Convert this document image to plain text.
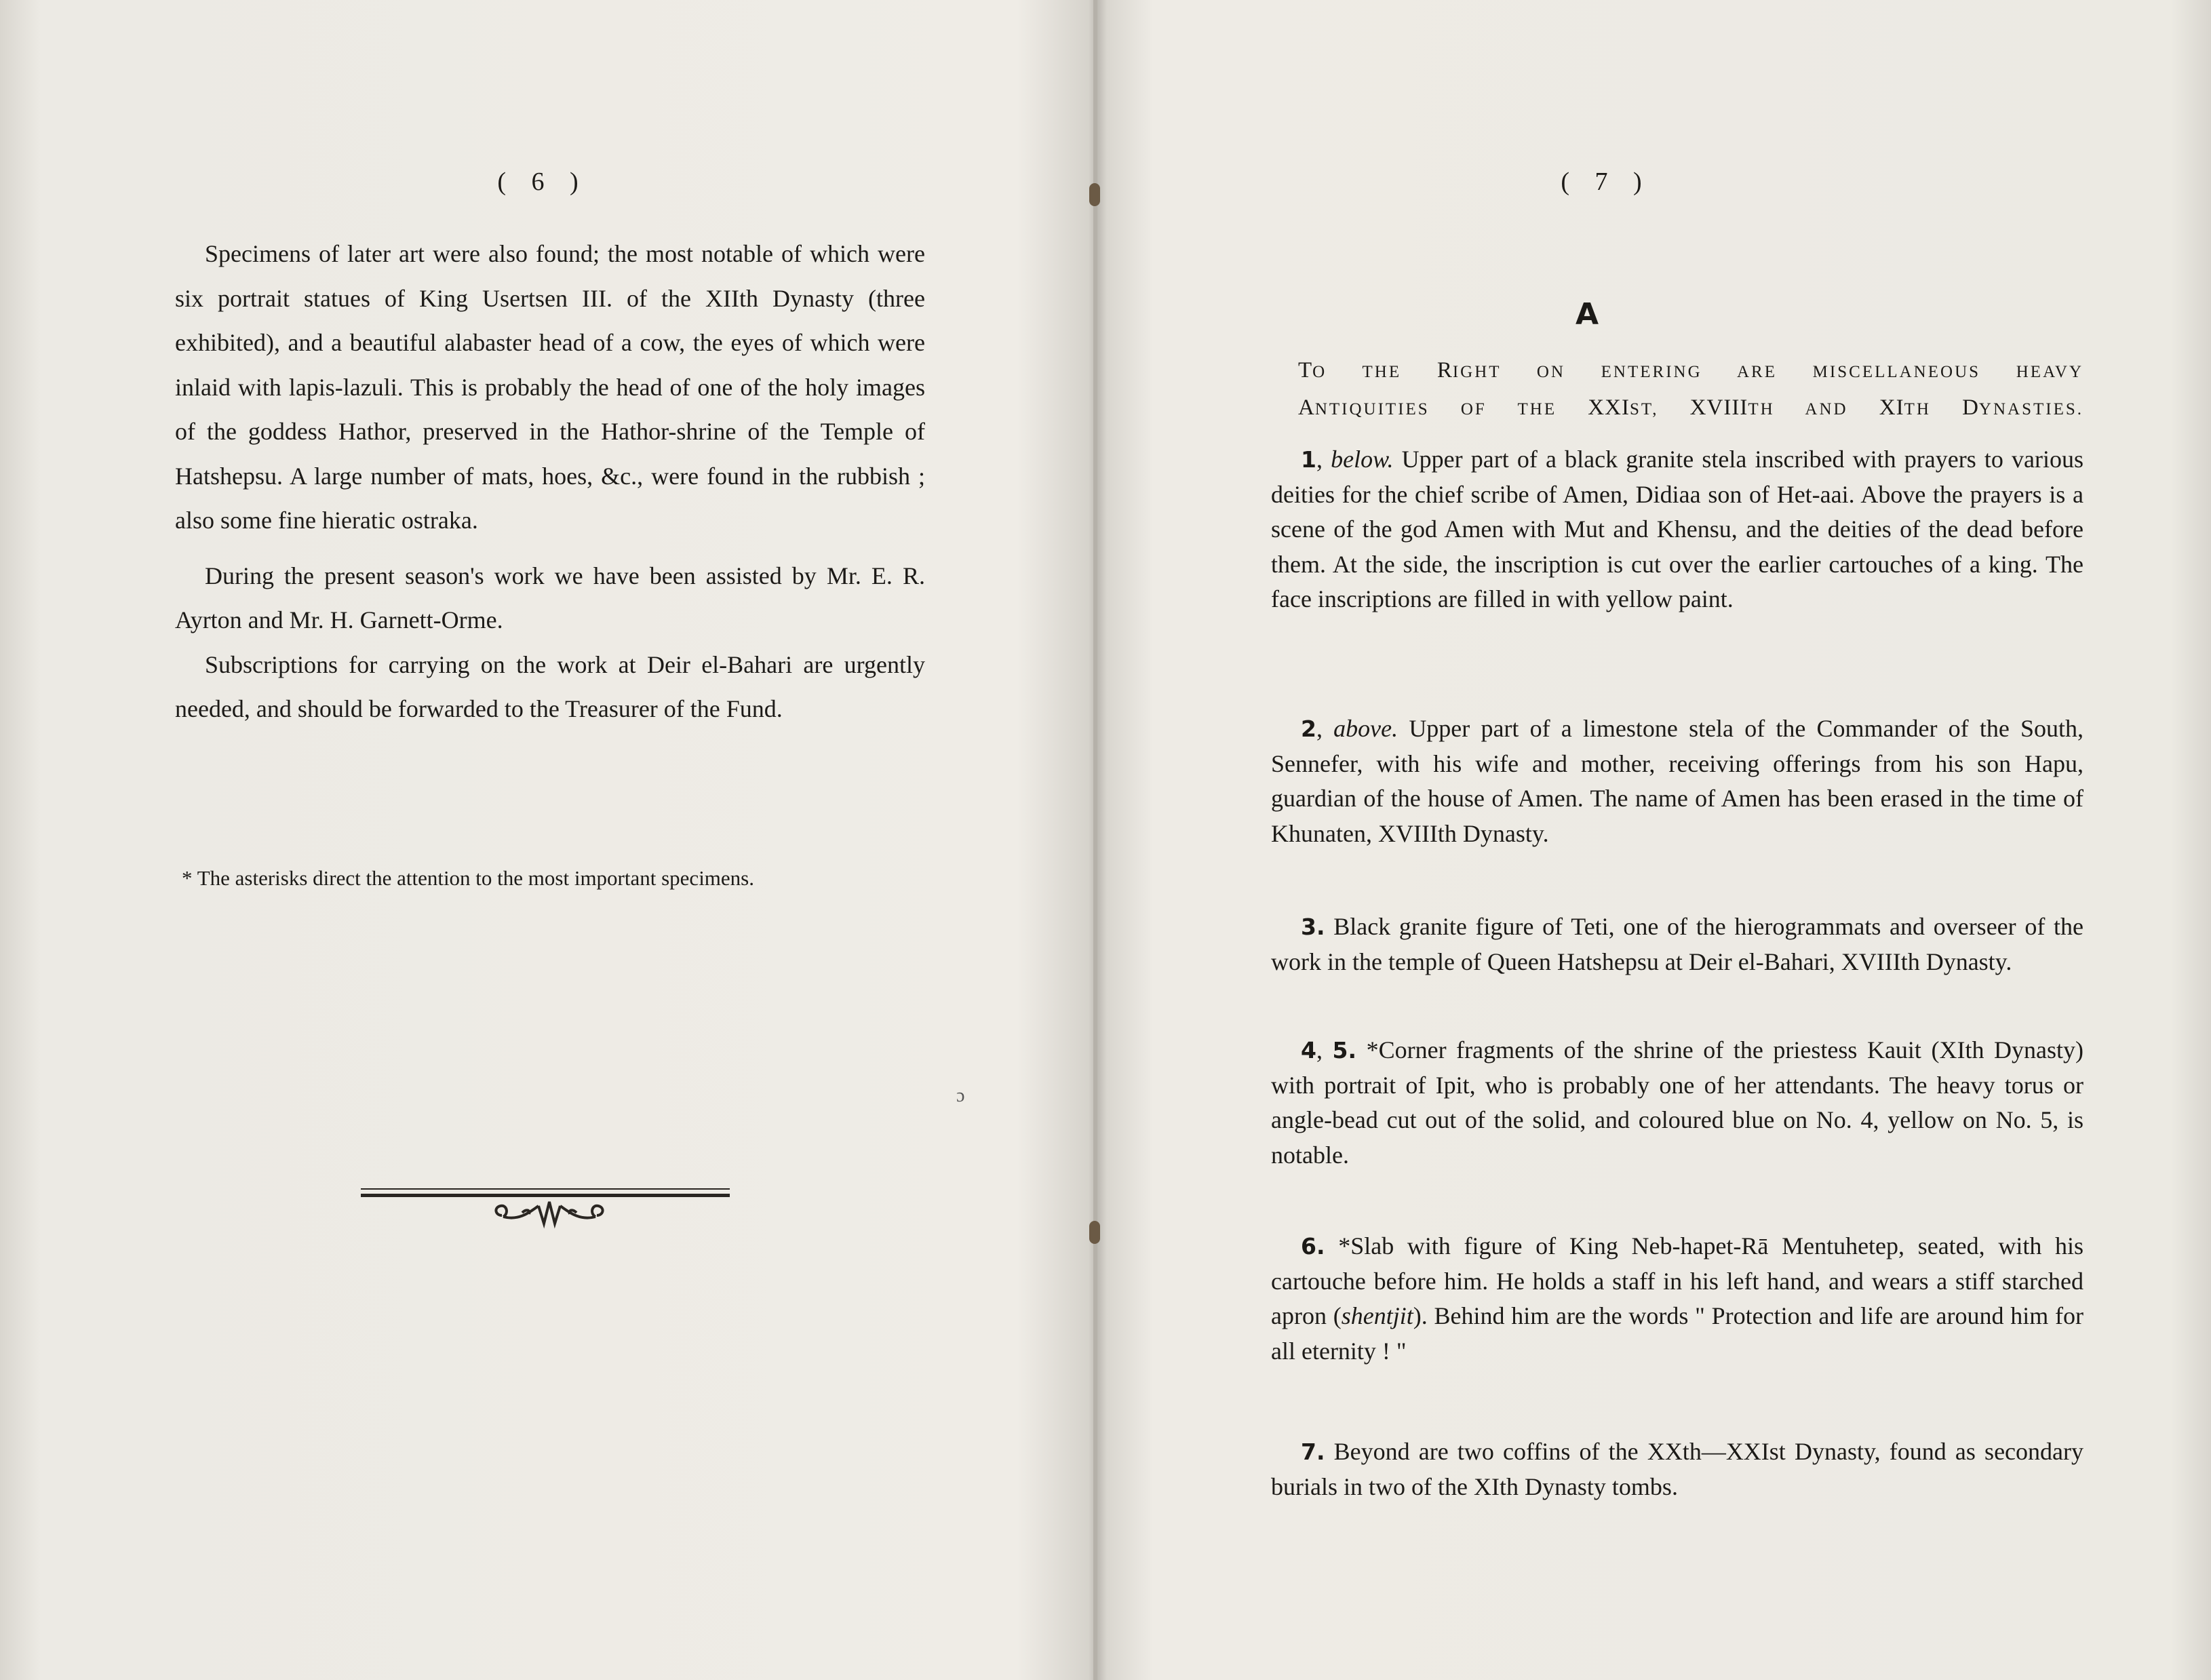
( 6 )

Specimens of later art were also found; the most notable of which were six portrait statues of King Usertsen III. of the XIIth Dynasty (three exhibited), and a beautiful alabaster head of a cow, the eyes of which were inlaid with lapis-lazuli. This is probably the head of one of the holy images of the goddess Hathor, preserved in the Hathor-shrine of the Temple of Hatshepsu. A large number of mats, hoes, &c., were found in the rubbish ; also some fine hieratic ostraka.

During the present season's work we have been assisted by Mr. E. R. Ayrton and Mr. H. Garnett-Orme.

Subscriptions for carrying on the work at Deir el-Bahari are urgently needed, and should be forwarded to the Treasurer of the Fund.

* The asterisks direct the attention to the most important specimens.
ɔ
( 7 )
A
TO THE RIGHT ON ENTERING ARE MISCELLANEOUS HEAVY
ANTIQUITIES OF THE XXIST, XVIIITH AND XITH DYNASTIES.

1, below. Upper part of a black granite stela inscribed with prayers to various deities for the chief scribe of Amen, Didiaa son of Het-aai. Above the prayers is a scene of the god Amen with Mut and Khensu, and the deities of the dead before them. At the side, the inscription is cut over the earlier cartouches of a king. The face inscriptions are filled in with yellow paint.

2, above. Upper part of a limestone stela of the Commander of the South, Sennefer, with his wife and mother, receiving offerings from his son Hapu, guardian of the house of Amen. The name of Amen has been erased in the time of Khunaten, XVIIIth Dynasty.

3. Black granite figure of Teti, one of the hierogrammats and overseer of the work in the temple of Queen Hatshepsu at Deir el-Bahari, XVIIIth Dynasty.

4, 5. *Corner fragments of the shrine of the priestess Kauit (XIth Dynasty) with portrait of Ipit, who is probably one of her attendants. The heavy torus or angle-bead cut out of the solid, and coloured blue on No. 4, yellow on No. 5, is notable.

6. *Slab with figure of King Neb-hapet-Rā Mentuhetep, seated, with his cartouche before him. He holds a staff in his left hand, and wears a stiff starched apron (shentjit). Behind him are the words " Protection and life are around him for all eternity ! "

7. Beyond are two coffins of the XXth—XXIst Dynasty, found as secondary burials in two of the XIth Dynasty tombs.
